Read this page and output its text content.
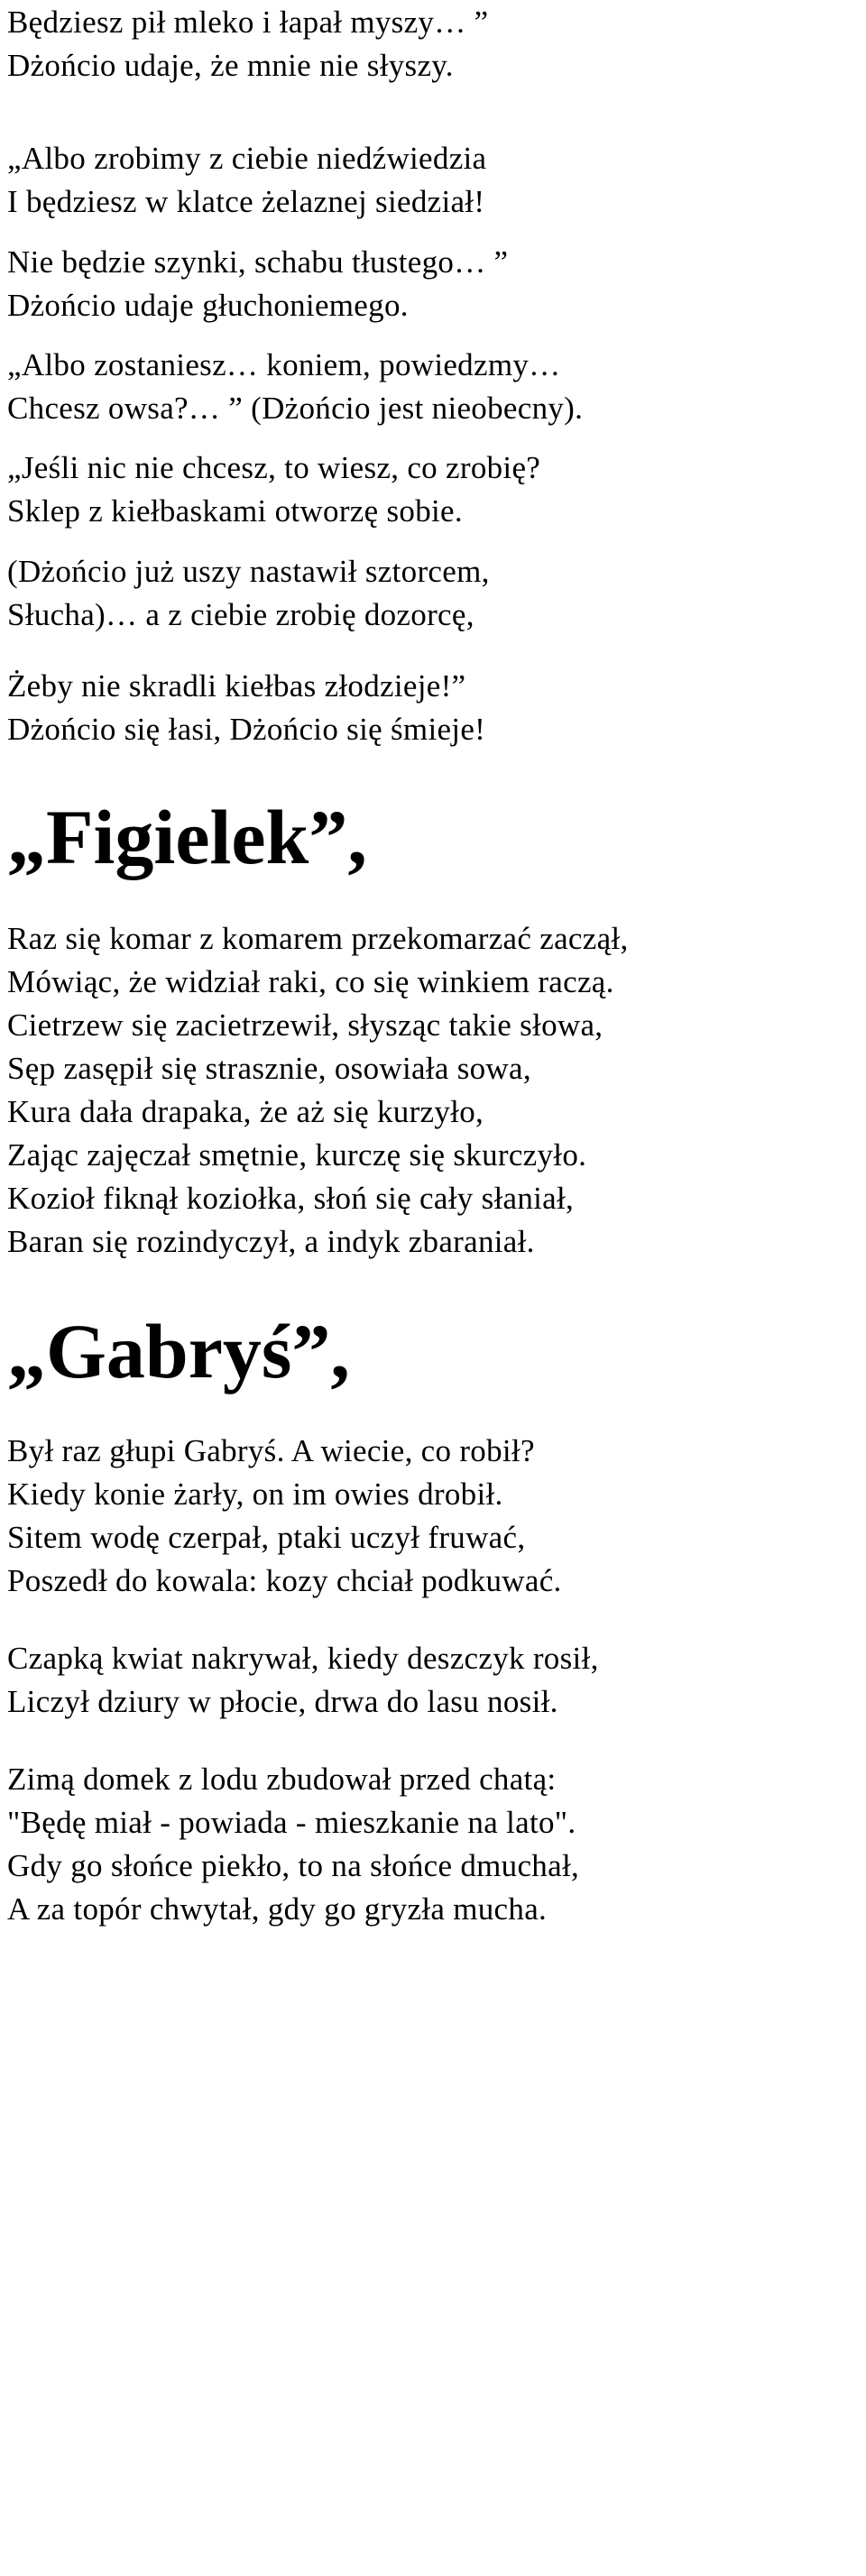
Będziesz pił mleko i łapał myszy… ”
Dżońcio udaje, że mnie nie słyszy.
„Albo zrobimy z ciebie niedźwiedzia
I będziesz w klatce żelaznej siedział!
Nie będzie szynki, schabu tłustego… ”
Dżońcio udaje głuchoniemego.
„Albo zostaniesz… koniem, powiedzmy…
Chcesz owsa?… ” (Dżońcio jest nieobecny).
„Jeśli nic nie chcesz, to wiesz, co zrobię?
Sklep z kiełbaskami otworzę sobie.
(Dżońcio już uszy nastawił sztorcem,
Słucha)… a z ciebie zrobię dozorcę,
Żeby nie skradli kiełbas złodzieje!”
Dżońcio się łasi, Dżońcio się śmieje!
„Figielek”,
Raz się komar z komarem przekomarzać zaczął,
Mówiąc, że widział raki, co się winkiem raczą.
Cietrzew się zacietrzewił, słysząc takie słowa,
Sęp zasępił się strasznie, osowiała sowa,
Kura dała drapaka, że aż się kurzyło,
Zając zajęczał smętnie, kurczę się skurczyło.
Kozioł fiknął koziołka, słoń się cały słaniał,
Baran się rozindyczył, a indyk zbaraniał.
„Gabryś”,
Był raz głupi Gabryś. A wiecie, co robił?
Kiedy konie żarły, on im owies drobił.
Sitem wodę czerpał, ptaki uczył fruwać,
Poszedł do kowala: kozy chciał podkuwać.
Czapką kwiat nakrywał, kiedy deszczyk rosił,
Liczył dziury w płocie, drwa do lasu nosił.
Zimą domek z lodu zbudował przed chatą:
"Będę miał - powiada - mieszkanie na lato".
Gdy go słońce piekło, to na słońce dmuchał,
A za topór chwytał, gdy go gryzła mucha.
